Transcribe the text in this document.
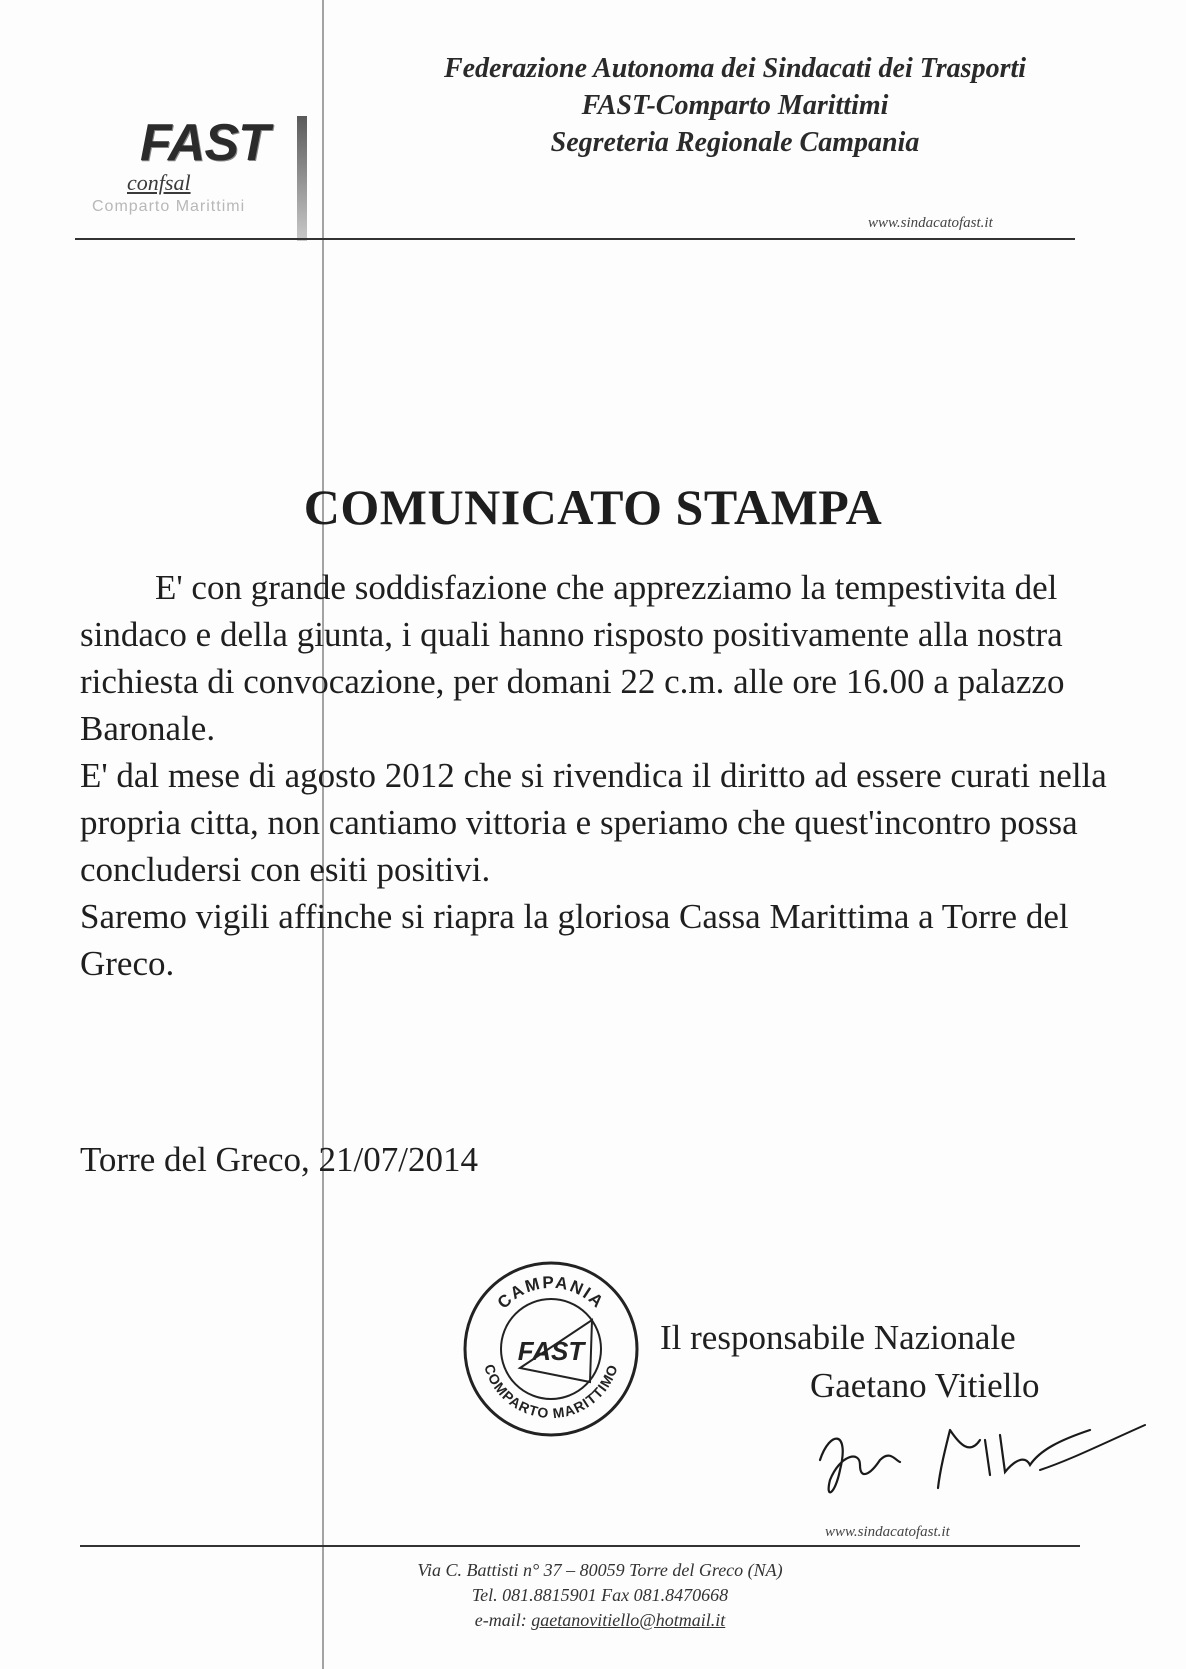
FAST
confsal
Comparto Marittimi
Federazione Autonoma dei Sindacati dei Trasporti
FAST-Comparto Marittimi
Segreteria Regionale Campania
www.sindacatofast.it
COMUNICATO STAMPA

E' con grande soddisfazione che apprezziamo la tempestivita del sindaco e della giunta, i quali hanno risposto positivamente alla nostra richiesta di convocazione, per domani 22 c.m. alle ore 16.00 a palazzo Baronale.

E' dal mese di agosto 2012 che si rivendica il diritto ad essere curati nella propria citta, non cantiamo vittoria e speriamo che quest'incontro possa concludersi con esiti positivi.

Saremo vigili affinche si riapra la gloriosa Cassa Marittima a Torre del Greco.

Torre del Greco, 21/07/2014
CAMPANIA
COMPARTO MARITTIMO
FAST Il responsabile Nazionale
Gaetano Vitiello
www.sindacatofast.it
Via C. Battisti n° 37 – 80059 Torre del Greco (NA)
Tel. 081.8815901 Fax 081.8470668
e-mail: gaetanovitiello@hotmail.it
